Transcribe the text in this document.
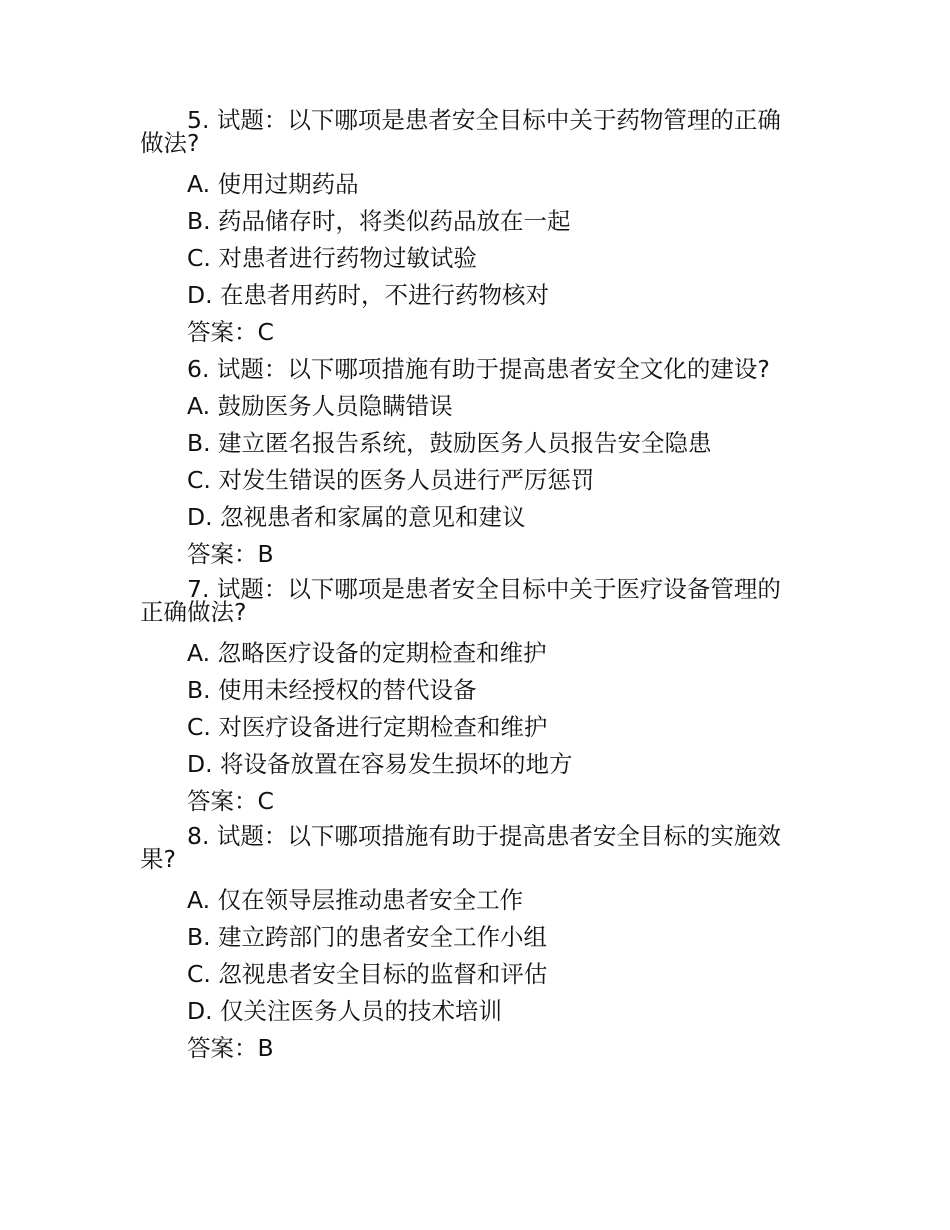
5. 试题：以下哪项是患者安全目标中关于药物管理的正确
做法?
A. 使用过期药品
B. 药品储存时，将类似药品放在一起
C. 对患者进行药物过敏试验
D. 在患者用药时，不进行药物核对
答案：C
6. 试题：以下哪项措施有助于提高患者安全文化的建设?
A. 鼓励医务人员隐瞒错误
B. 建立匿名报告系统，鼓励医务人员报告安全隐患
C. 对发生错误的医务人员进行严厉惩罚
D. 忽视患者和家属的意见和建议
答案：B
7. 试题：以下哪项是患者安全目标中关于医疗设备管理的
正确做法?
A. 忽略医疗设备的定期检查和维护
B. 使用未经授权的替代设备
C. 对医疗设备进行定期检查和维护
D. 将设备放置在容易发生损坏的地方
答案：C
8. 试题：以下哪项措施有助于提高患者安全目标的实施效
果?
A. 仅在领导层推动患者安全工作
B. 建立跨部门的患者安全工作小组
C. 忽视患者安全目标的监督和评估
D. 仅关注医务人员的技术培训
答案：B
